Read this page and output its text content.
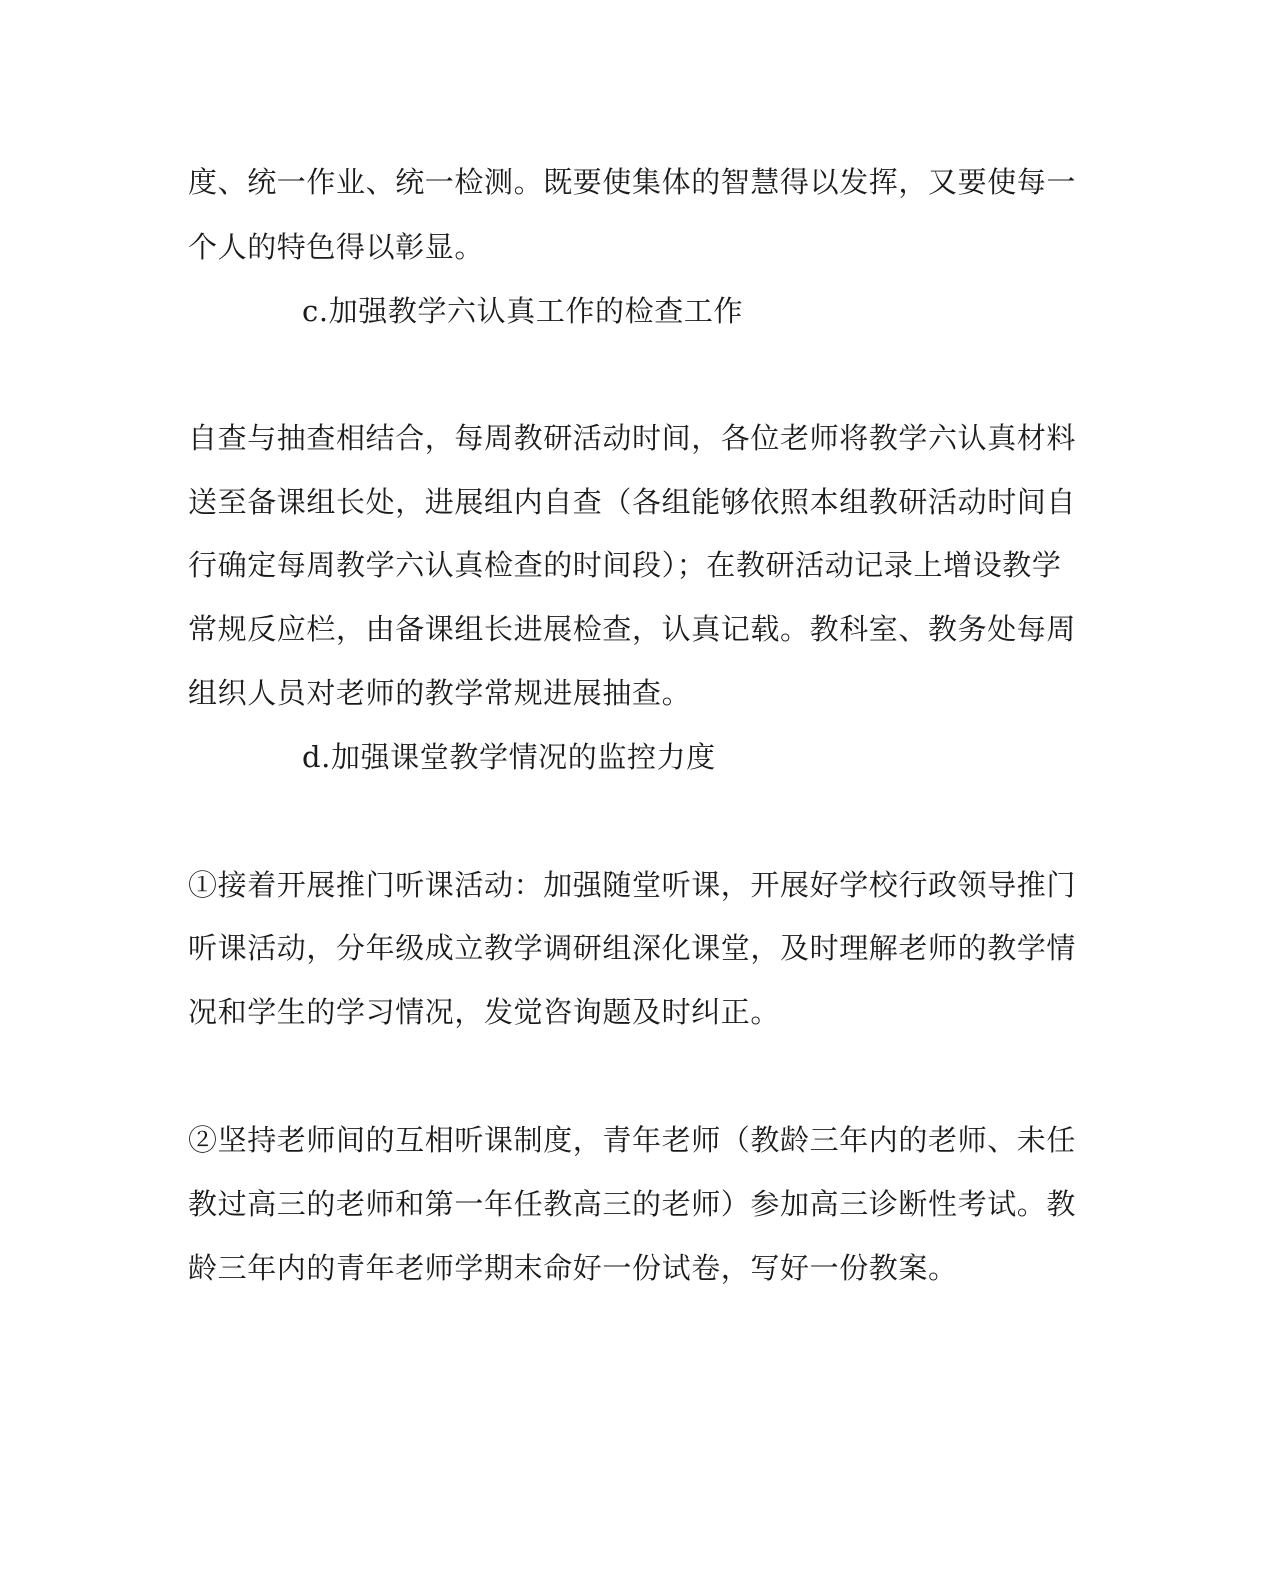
度、统一作业、统一检测。既要使集体的智慧得以发挥，又要使每一
个人的特色得以彰显。
c.加强教学六认真工作的检查工作
自查与抽查相结合，每周教研活动时间，各位老师将教学六认真材料
送至备课组长处，进展组内自查（各组能够依照本组教研活动时间自
行确定每周教学六认真检查的时间段）；在教研活动记录上增设教学
常规反应栏，由备课组长进展检查，认真记载。教科室、教务处每周
组织人员对老师的教学常规进展抽查。
d.加强课堂教学情况的监控力度
①接着开展推门听课活动：加强随堂听课，开展好学校行政领导推门
听课活动，分年级成立教学调研组深化课堂，及时理解老师的教学情
况和学生的学习情况，发觉咨询题及时纠正。
②坚持老师间的互相听课制度，青年老师（教龄三年内的老师、未任
教过高三的老师和第一年任教高三的老师）参加高三诊断性考试。教
龄三年内的青年老师学期末命好一份试卷，写好一份教案。
